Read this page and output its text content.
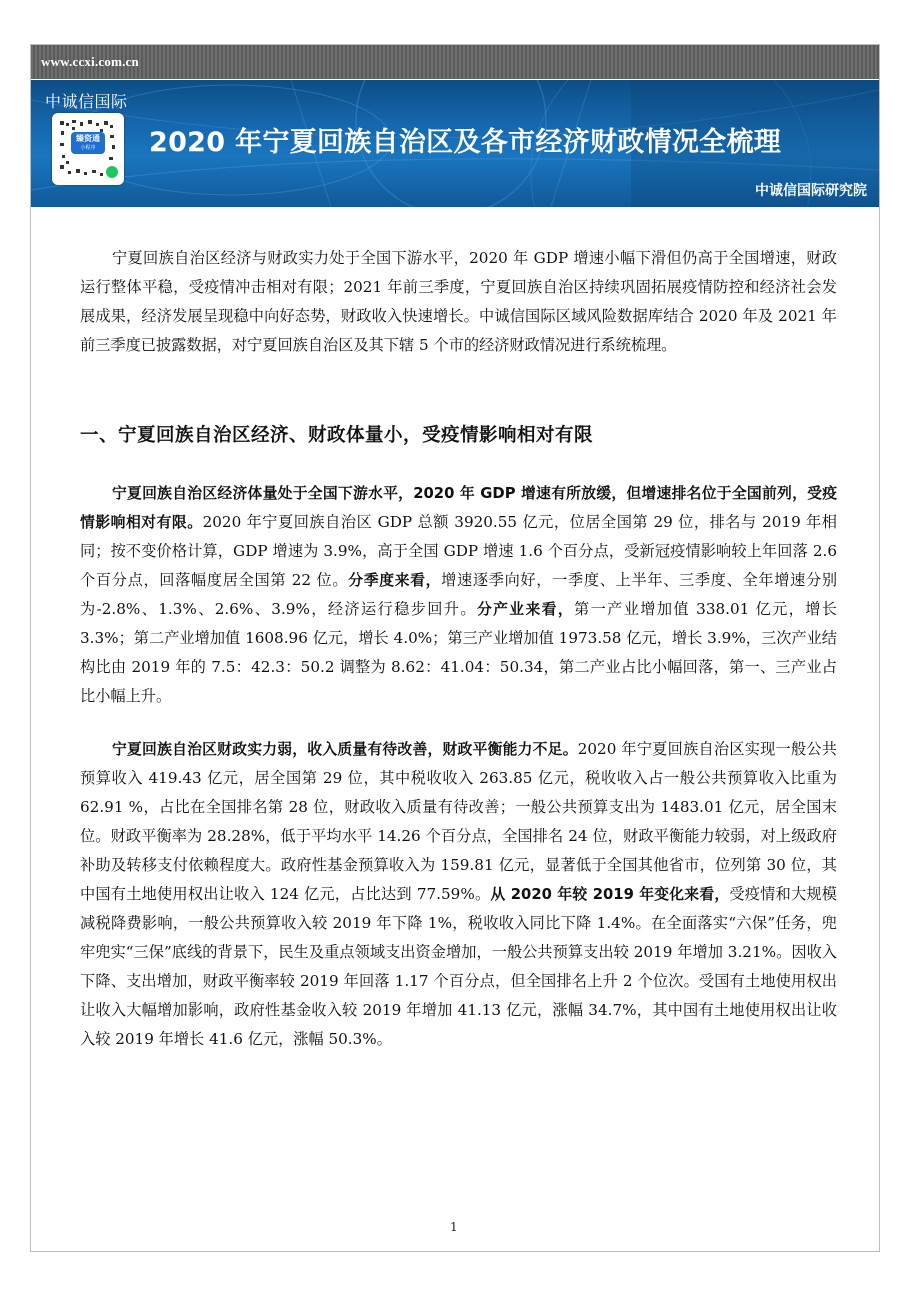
www.ccxi.com.cn
中诚信国际
臻资通
小程序	2020 年宁夏回族自治区及各市经济财政情况全梳理
中诚信国际研究院

宁夏回族自治区经济与财政实力处于全国下游水平，2020 年 GDP 增速小幅下滑但仍高于全国增速，财政运行整体平稳，受疫情冲击相对有限；2021 年前三季度，宁夏回族自治区持续巩固拓展疫情防控和经济社会发展成果，经济发展呈现稳中向好态势，财政收入快速增长。中诚信国际区域风险数据库结合 2020 年及 2021 年前三季度已披露数据，对宁夏回族自治区及其下辖 5 个市的经济财政情况进行系统梳理。

一、宁夏回族自治区经济、财政体量小，受疫情影响相对有限

宁夏回族自治区经济体量处于全国下游水平，2020 年 GDP 增速有所放缓，但增速排名位于全国前列，受疫情影响相对有限。2020 年宁夏回族自治区 GDP 总额 3920.55 亿元，位居全国第 29 位，排名与 2019 年相同；按不变价格计算，GDP 增速为 3.9%，高于全国 GDP 增速 1.6 个百分点，受新冠疫情影响较上年回落 2.6 个百分点，回落幅度居全国第 22 位。分季度来看，增速逐季向好，一季度、上半年、三季度、全年增速分别为-2.8%、1.3%、2.6%、3.9%，经济运行稳步回升。分产业来看，第一产业增加值 338.01 亿元，增长 3.3%；第二产业增加值 1608.96 亿元，增长 4.0%；第三产业增加值 1973.58 亿元，增长 3.9%，三次产业结构比由 2019 年的 7.5：42.3：50.2 调整为 8.62：41.04：50.34，第二产业占比小幅回落，第一、三产业占比小幅上升。

宁夏回族自治区财政实力弱，收入质量有待改善，财政平衡能力不足。2020 年宁夏回族自治区实现一般公共预算收入 419.43 亿元，居全国第 29 位，其中税收收入 263.85 亿元，税收收入占一般公共预算收入比重为 62.91 %，占比在全国排名第 28 位，财政收入质量有待改善；一般公共预算支出为 1483.01 亿元，居全国末位。财政平衡率为 28.28%，低于平均水平 14.26 个百分点，全国排名 24 位，财政平衡能力较弱，对上级政府补助及转移支付依赖程度大。政府性基金预算收入为 159.81 亿元，显著低于全国其他省市，位列第 30 位，其中国有土地使用权出让收入 124 亿元，占比达到 77.59%。从 2020 年较 2019 年变化来看，受疫情和大规模减税降费影响，一般公共预算收入较 2019 年下降 1%，税收收入同比下降 1.4%。在全面落实“六保”任务，兜牢兜实“三保”底线的背景下，民生及重点领域支出资金增加，一般公共预算支出较 2019 年增加 3.21%。因收入下降、支出增加，财政平衡率较 2019 年回落 1.17 个百分点，但全国排名上升 2 个位次。受国有土地使用权出让收入大幅增加影响，政府性基金收入较 2019 年增加 41.13 亿元，涨幅 34.7%，其中国有土地使用权出让收入较 2019 年增长 41.6 亿元，涨幅 50.3%。

1
